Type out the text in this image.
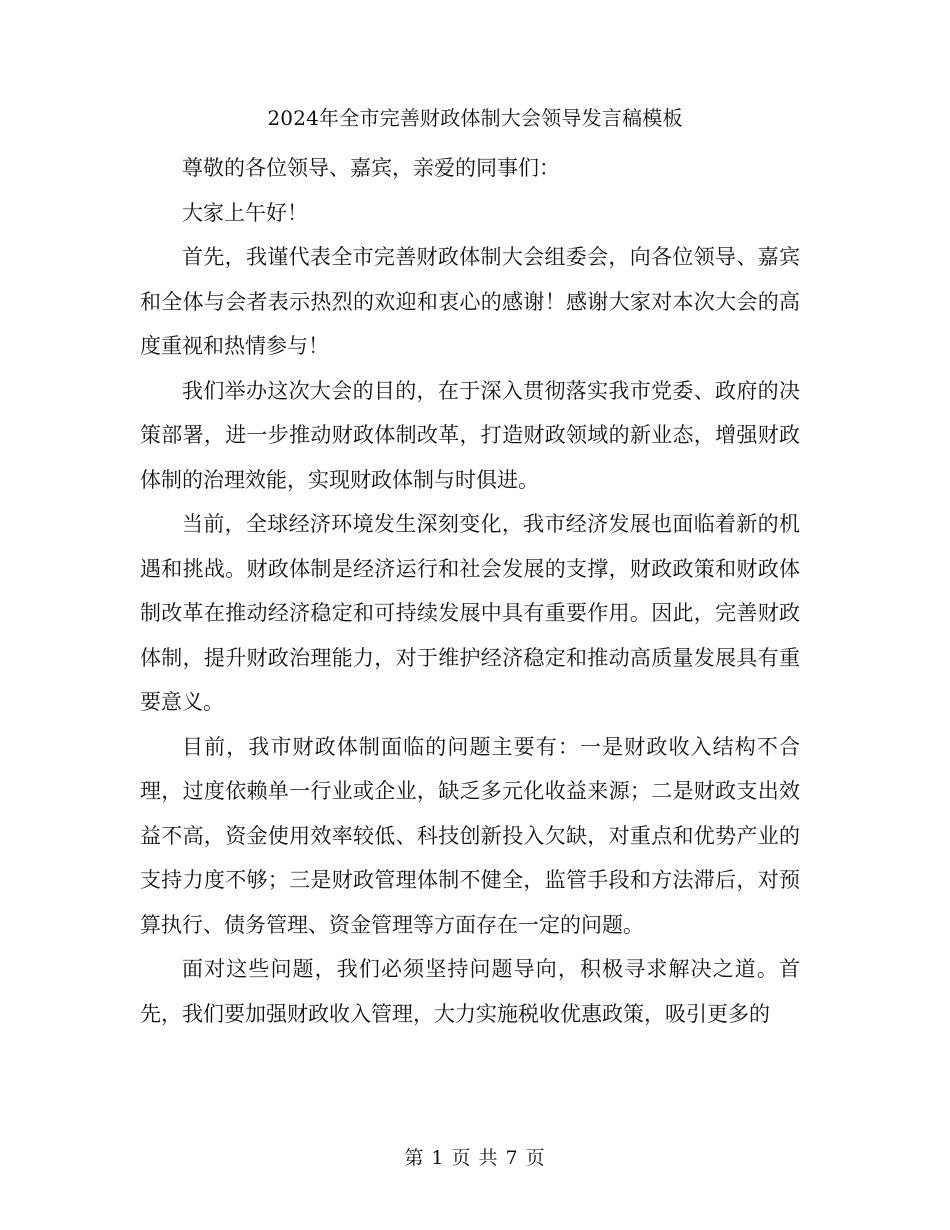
2024年全市完善财政体制大会领导发言稿模板

尊敬的各位领导、嘉宾，亲爱的同事们：

大家上午好！

首先，我谨代表全市完善财政体制大会组委会，向各位领导、嘉宾和全体与会者表示热烈的欢迎和衷心的感谢！感谢大家对本次大会的高度重视和热情参与！

我们举办这次大会的目的，在于深入贯彻落实我市党委、政府的决策部署，进一步推动财政体制改革，打造财政领域的新业态，增强财政体制的治理效能，实现财政体制与时俱进。

当前，全球经济环境发生深刻变化，我市经济发展也面临着新的机遇和挑战。财政体制是经济运行和社会发展的支撑，财政政策和财政体制改革在推动经济稳定和可持续发展中具有重要作用。因此，完善财政体制，提升财政治理能力，对于维护经济稳定和推动高质量发展具有重要意义。

目前，我市财政体制面临的问题主要有：一是财政收入结构不合理，过度依赖单一行业或企业，缺乏多元化收益来源；二是财政支出效益不高，资金使用效率较低、科技创新投入欠缺，对重点和优势产业的支持力度不够；三是财政管理体制不健全，监管手段和方法滞后，对预算执行、债务管理、资金管理等方面存在一定的问题。

面对这些问题，我们必须坚持问题导向，积极寻求解决之道。首先，我们要加强财政收入管理，大力实施税收优惠政策，吸引更多的

第 1 页 共 7 页
